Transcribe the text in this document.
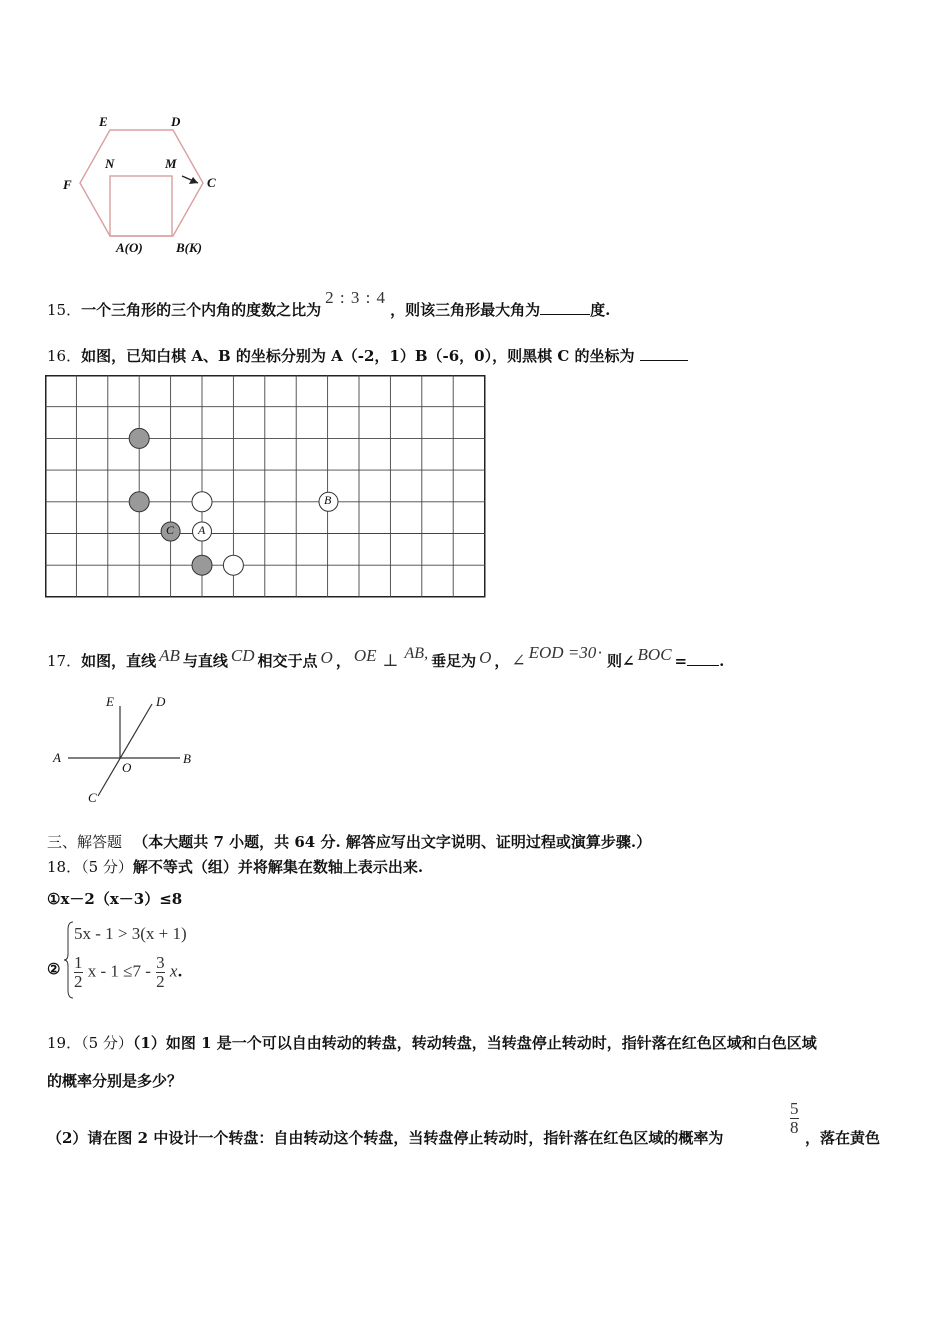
E	D
N	M
F	C
A(O)	B(K)
15．一个三角形的三个内角的度数之比为2 : 3 : 4，则该三角形最大角为	度.
16．如图，已知白棋 A、B 的坐标分别为 A（-2，1）B（-6，0），则黑棋 C 的坐标为
A
B
C
17．如图，直线 AB 与直线 CD 相交于点 O ， OE ⊥ AB, 垂足为 O ， ∠ EOD =30· 则∠ BOC = .
E	D
A
O
B
C
三、解答题 （本大题共 7 小题，共 64 分. 解答应写出文字说明、证明过程或演算步骤.）
18．（5 分）解不等式（组）并将解集在数轴上表示出来.
①x－2（x－3）≤8
②
5x - 1 > 3(x + 1)
$\frac{1}{2}$ $x - 1 \le 7 - \frac{3}{2} x$.
19．（5 分）（1）如图 1 是一个可以自由转动的转盘，转动转盘，当转盘停止转动时，指针落在红色区域和白色区域
的概率分别是多少？
（2）请在图 2 中设计一个转盘：自由转动这个转盘，当转盘停止转动时，指针落在红色区域的概率为
5
8
，落在黄色
